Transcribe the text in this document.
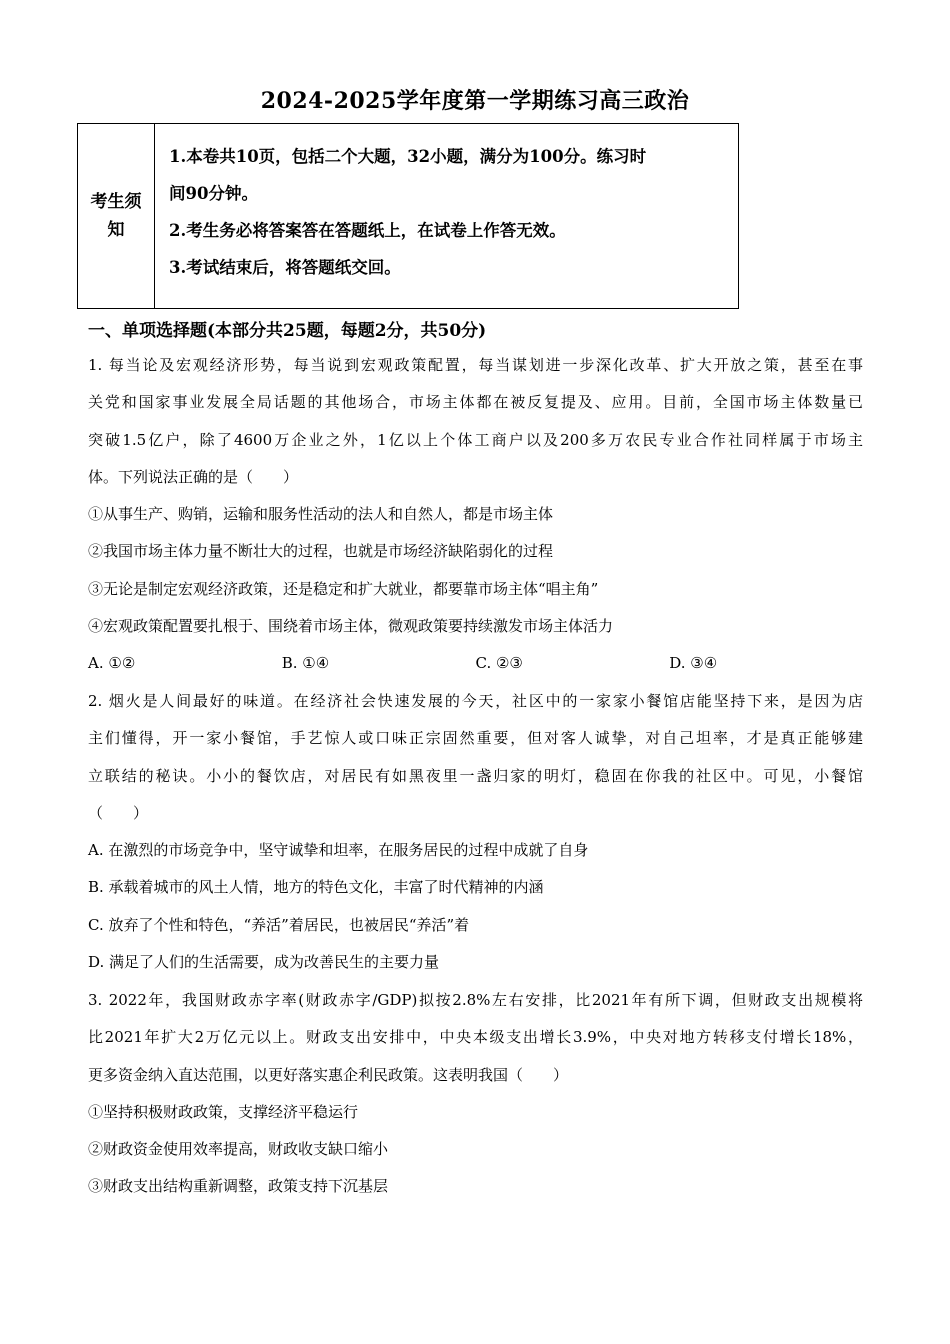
2024-2025学年度第一学期练习高三政治
考生须知
1.本卷共10页，包括二个大题，32小题，满分为100分。练习时
间90分钟。
2.考生务必将答案答在答题纸上，在试卷上作答无效。
3.考试结束后，将答题纸交回。
一、单项选择题(本部分共25题，每题2分，共50分)
1. 每当论及宏观经济形势，每当说到宏观政策配置，每当谋划进一步深化改革、扩大开放之策，甚至在事
关党和国家事业发展全局话题的其他场合，市场主体都在被反复提及、应用。目前，全国市场主体数量已
突破1.5亿户，除了4600万企业之外，1亿以上个体工商户以及200多万农民专业合作社同样属于市场主
体。下列说法正确的是（　　）
①从事生产、购销，运输和服务性活动的法人和自然人，都是市场主体
②我国市场主体力量不断壮大的过程，也就是市场经济缺陷弱化的过程
③无论是制定宏观经济政策，还是稳定和扩大就业，都要靠市场主体“唱主角”
④宏观政策配置要扎根于、围绕着市场主体，微观政策要持续激发市场主体活力
A. ①②	B. ①④	C. ②③	D. ③④
2. 烟火是人间最好的味道。在经济社会快速发展的今天，社区中的一家家小餐馆店能坚持下来，是因为店
主们懂得，开一家小餐馆，手艺惊人或口味正宗固然重要，但对客人诚挚，对自己坦率，才是真正能够建
立联结的秘诀。小小的餐饮店，对居民有如黑夜里一盏归家的明灯，稳固在你我的社区中。可见，小餐馆
（　　）
A. 在激烈的市场竞争中，坚守诚挚和坦率，在服务居民的过程中成就了自身
B. 承载着城市的风土人情，地方的特色文化，丰富了时代精神的内涵
C. 放弃了个性和特色，“养活”着居民，也被居民“养活”着
D. 满足了人们的生活需要，成为改善民生的主要力量
3. 2022年，我国财政赤字率(财政赤字/GDP)拟按2.8%左右安排，比2021年有所下调，但财政支出规模将
比2021年扩大2万亿元以上。财政支出安排中，中央本级支出增长3.9%，中央对地方转移支付增长18%，
更多资金纳入直达范围，以更好落实惠企利民政策。这表明我国（　　）
①坚持积极财政政策，支撑经济平稳运行
②财政资金使用效率提高，财政收支缺口缩小
③财政支出结构重新调整，政策支持下沉基层
